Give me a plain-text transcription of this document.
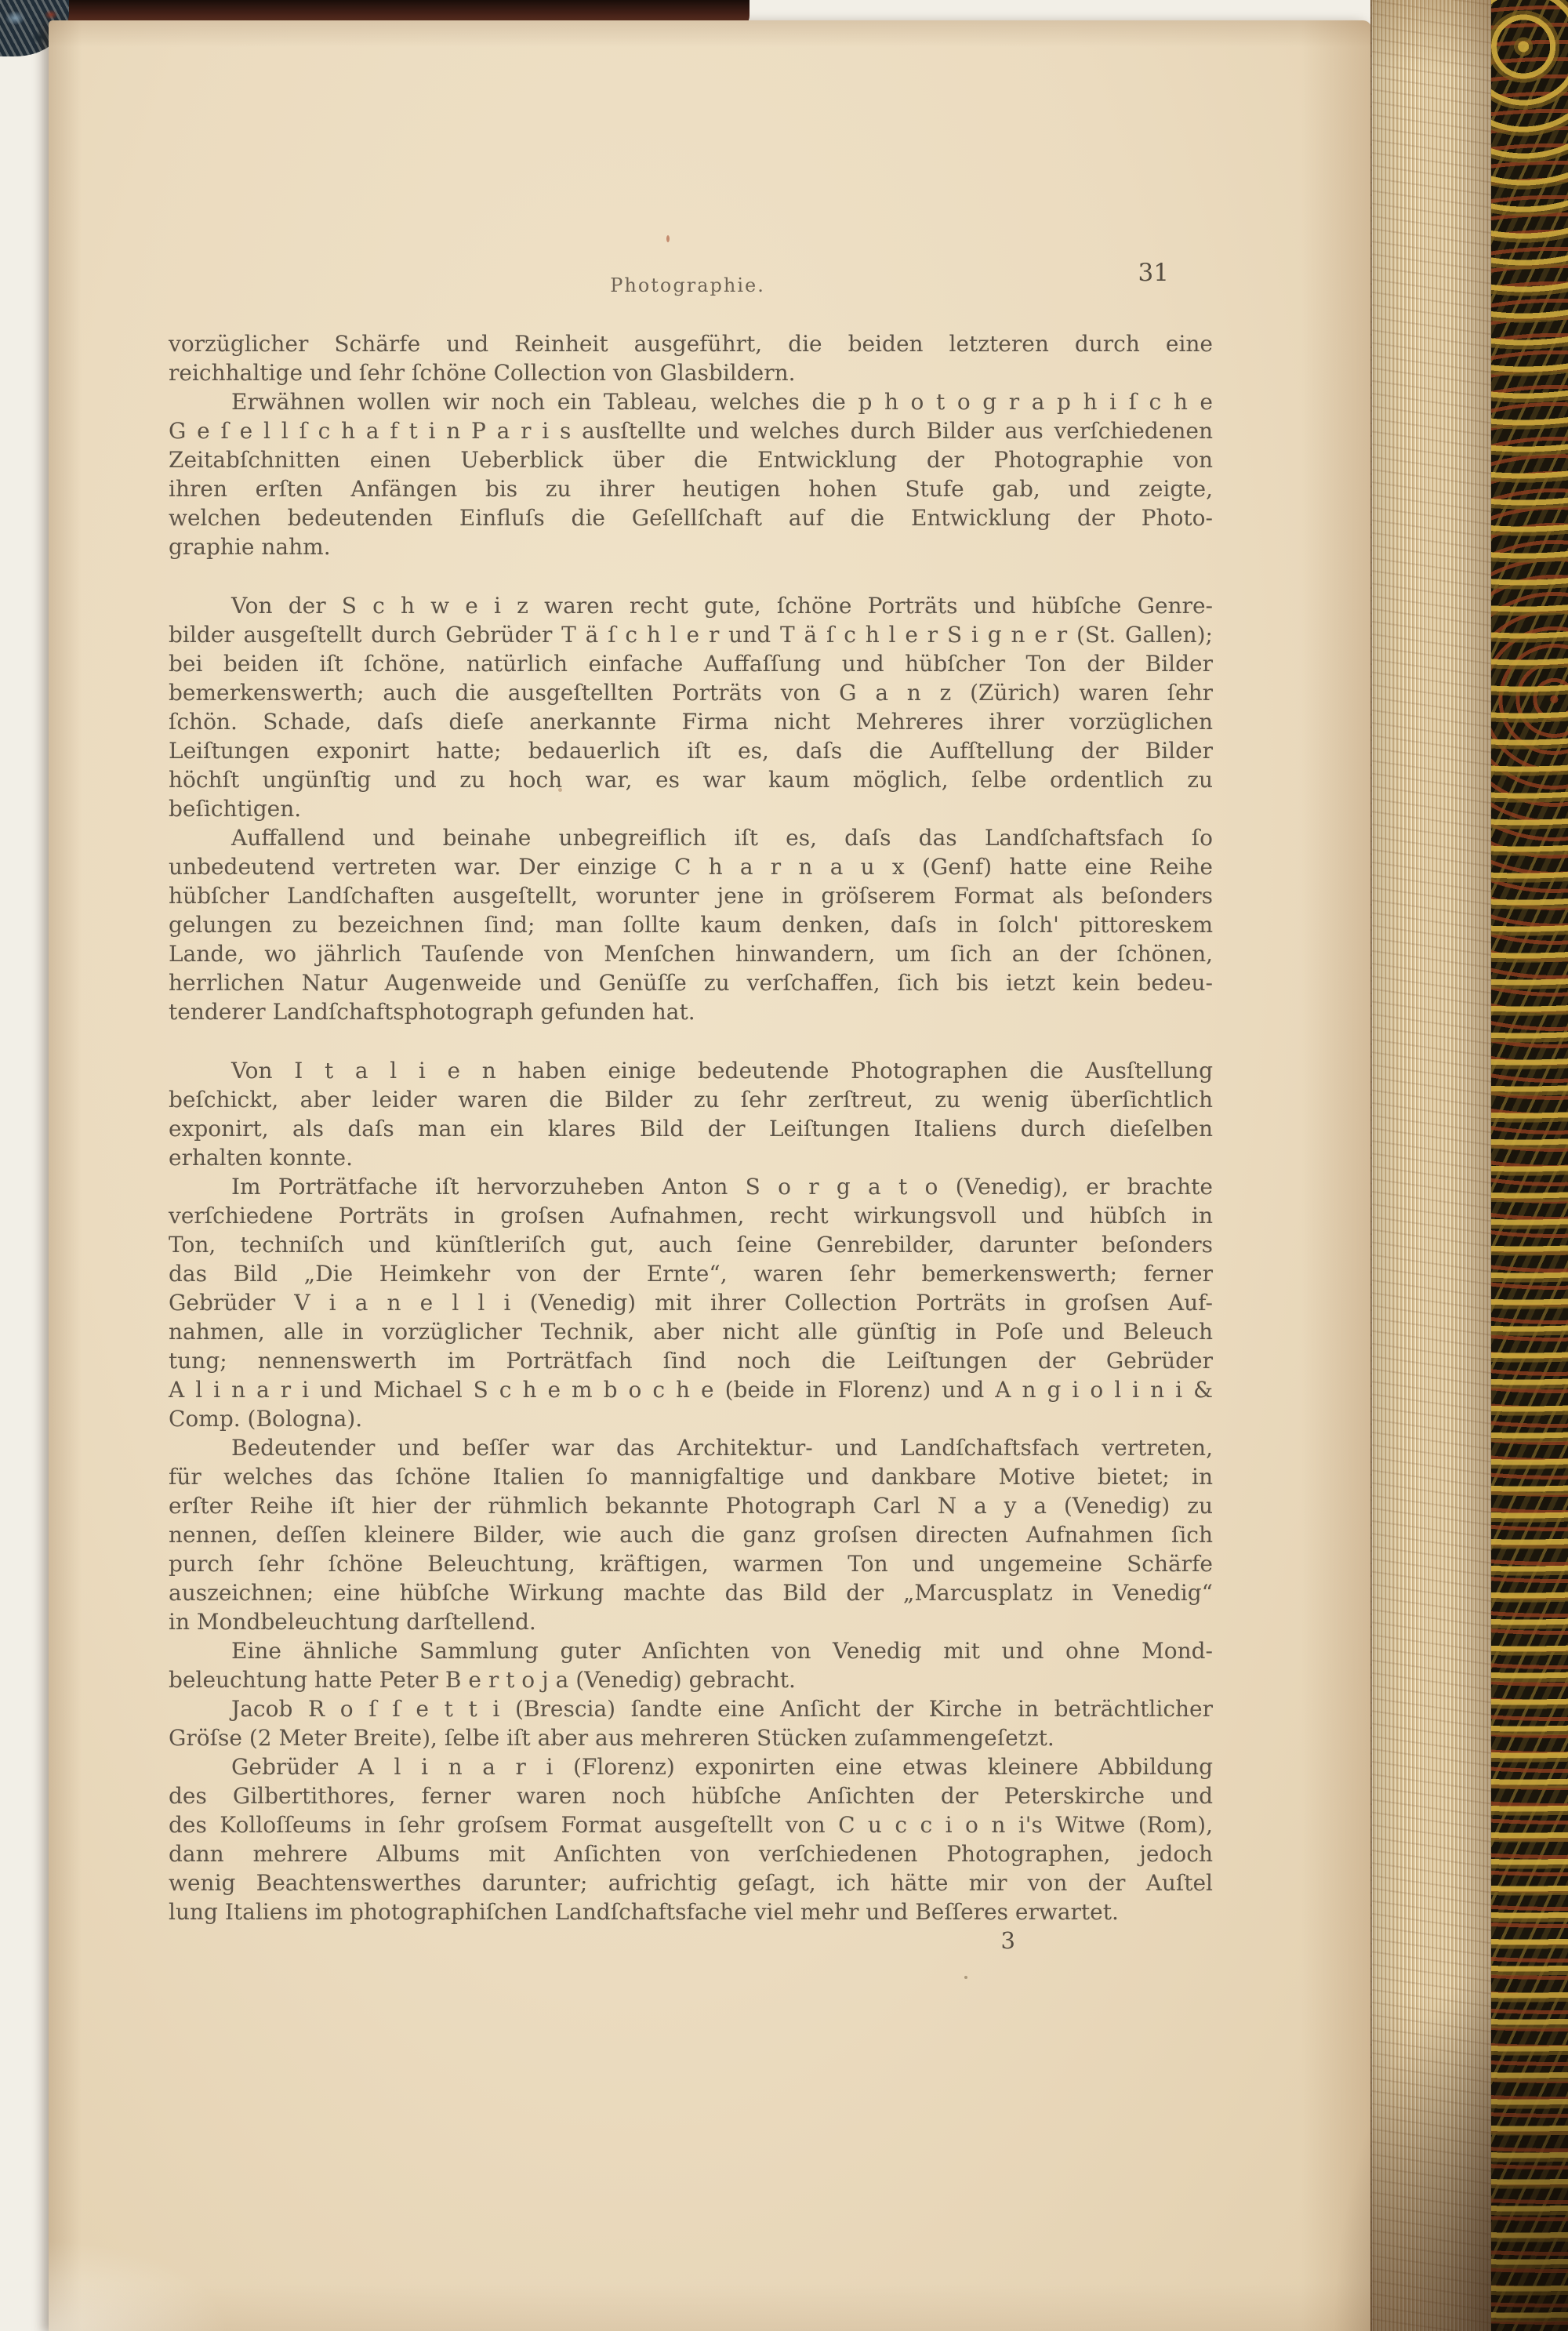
Photographie.	31

vorzüglicher Schärfe und Reinheit ausgeführt, die beiden letzteren durch eine
reichhaltige und ſehr ſchöne Collection von Glasbildern.

Erwähnen wollen wir noch ein Tableau, welches die p h o t o g r a p h i ſ c h e
G e ſ e l l ſ c h a f t i n P a r i s ausſtellte und welches durch Bilder aus verſchiedenen
Zeitabſchnitten einen Ueberblick über die Entwicklung der Photographie von
ihren erſten Anfängen bis zu ihrer heutigen hohen Stufe gab, und zeigte,
welchen bedeutenden Einfluſs die Geſellſchaft auf die Entwicklung der Photo-
graphie nahm.

Von der S c h w e i z waren recht gute, ſchöne Porträts und hübſche Genre-
bilder ausgeſtellt durch Gebrüder T ä ſ c h l e r und T ä ſ c h l e r S i g n e r (St. Gallen);
bei beiden iſt ſchöne, natürlich einfache Auffaſſung und hübſcher Ton der Bilder
bemerkenswerth; auch die ausgeſtellten Porträts von G a n z (Zürich) waren ſehr
ſchön. Schade, daſs dieſe anerkannte Firma nicht Mehreres ihrer vorzüglichen
Leiſtungen exponirt hatte; bedauerlich iſt es, daſs die Aufſtellung der Bilder
höchſt ungünſtig und zu hoch war, es war kaum möglich, ſelbe ordentlich zu
beſichtigen.

Auffallend und beinahe unbegreiflich iſt es, daſs das Landſchaftsfach ſo
unbedeutend vertreten war. Der einzige C h a r n a u x (Genf) hatte eine Reihe
hübſcher Landſchaften ausgeſtellt, worunter jene in gröſserem Format als beſonders
gelungen zu bezeichnen ſind; man ſollte kaum denken, daſs in ſolch' pittoreskem
Lande, wo jährlich Tauſende von Menſchen hinwandern, um ſich an der ſchönen,
herrlichen Natur Augenweide und Genüſſe zu verſchaffen, ſich bis ietzt kein bedeu-
tenderer Landſchaftsphotograph gefunden hat.

Von I t a l i e n haben einige bedeutende Photographen die Ausſtellung
beſchickt, aber leider waren die Bilder zu ſehr zerſtreut, zu wenig überſichtlich
exponirt, als daſs man ein klares Bild der Leiſtungen Italiens durch dieſelben
erhalten konnte.

Im Porträtfache iſt hervorzuheben Anton S o r g a t o (Venedig), er brachte
verſchiedene Porträts in groſsen Aufnahmen, recht wirkungsvoll und hübſch in
Ton, techniſch und künſtleriſch gut, auch ſeine Genrebilder, darunter beſonders
das Bild „Die Heimkehr von der Ernte“, waren ſehr bemerkenswerth; ferner
Gebrüder V i a n e l l i (Venedig) mit ihrer Collection Porträts in groſsen Auf-
nahmen, alle in vorzüglicher Technik, aber nicht alle günſtig in Poſe und Beleuch
tung; nennenswerth im Porträtfach ſind noch die Leiſtungen der Gebrüder
A l i n a r i und Michael S c h e m b o c h e (beide in Florenz) und A n g i o l i n i &
Comp. (Bologna).

Bedeutender und beſſer war das Architektur- und Landſchaftsfach vertreten,
für welches das ſchöne Italien ſo mannigfaltige und dankbare Motive bietet; in
erſter Reihe iſt hier der rühmlich bekannte Photograph Carl N a y a (Venedig) zu
nennen, deſſen kleinere Bilder, wie auch die ganz groſsen directen Aufnahmen ſich
purch ſehr ſchöne Beleuchtung, kräftigen, warmen Ton und ungemeine Schärfe
auszeichnen; eine hübſche Wirkung machte das Bild der „Marcusplatz in Venedig“
in Mondbeleuchtung darſtellend.

Eine ähnliche Sammlung guter Anſichten von Venedig mit und ohne Mond-
beleuchtung hatte Peter B e r t o j a (Venedig) gebracht.

Jacob R o ſ ſ e t t i (Brescia) ſandte eine Anſicht der Kirche in beträchtlicher
Gröſse (2 Meter Breite), ſelbe iſt aber aus mehreren Stücken zuſammengeſetzt.

Gebrüder A l i n a r i (Florenz) exponirten eine etwas kleinere Abbildung
des Gilbertithores, ferner waren noch hübſche Anſichten der Peterskirche und
des Kolloſſeums in ſehr groſsem Format ausgeſtellt von C u c c i o n i's Witwe (Rom),
dann mehrere Albums mit Anſichten von verſchiedenen Photographen, jedoch
wenig Beachtenswerthes darunter; aufrichtig geſagt, ich hätte mir von der Auſtel
lung Italiens im photographiſchen Landſchaftsfache viel mehr und Beſſeres erwartet.

3
